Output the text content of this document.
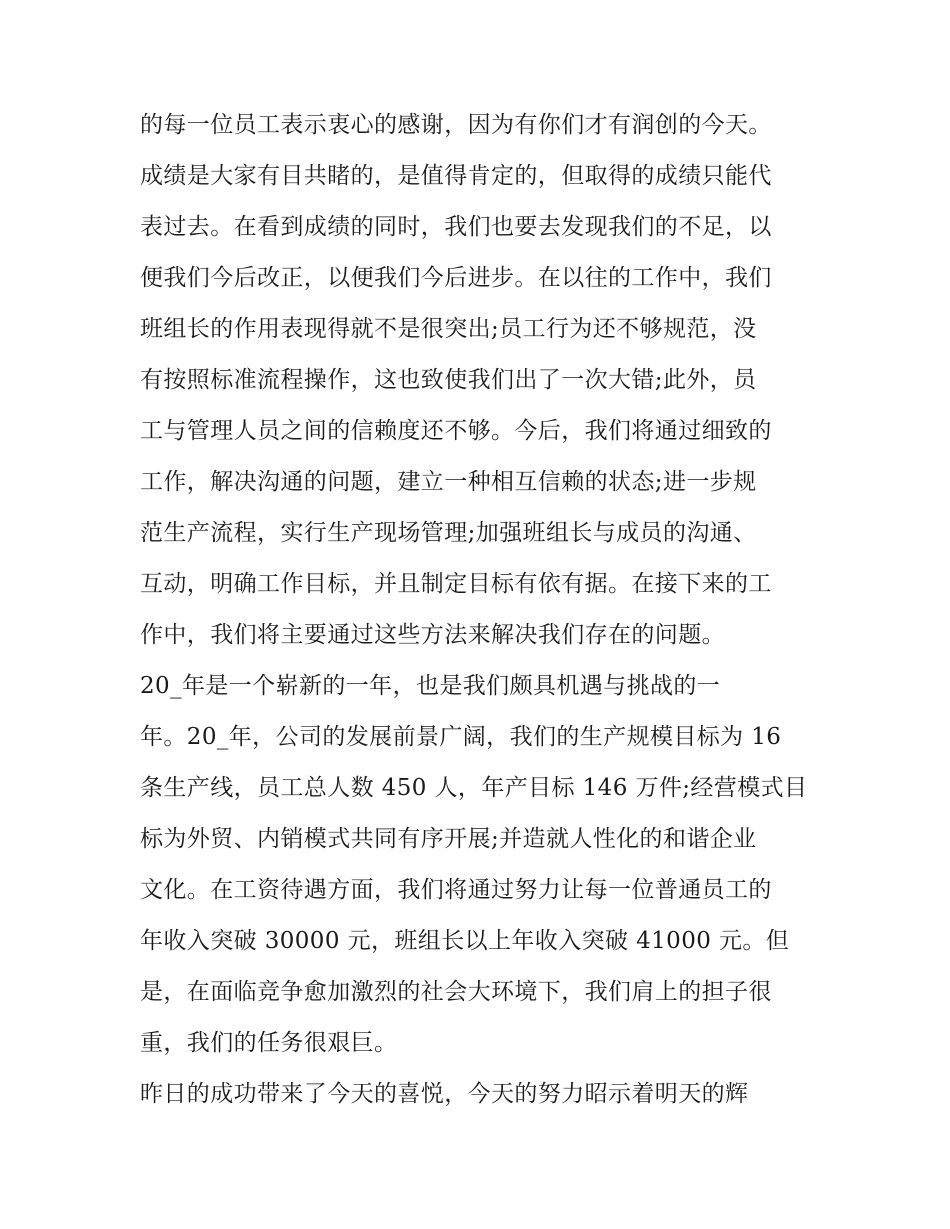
的每一位员工表示衷心的感谢，因为有你们才有润创的今天。
成绩是大家有目共睹的，是值得肯定的，但取得的成绩只能代
表过去。在看到成绩的同时，我们也要去发现我们的不足，以
便我们今后改正，以便我们今后进步。在以往的工作中，我们
班组长的作用表现得就不是很突出;员工行为还不够规范，没
有按照标准流程操作，这也致使我们出了一次大错;此外，员
工与管理人员之间的信赖度还不够。今后，我们将通过细致的
工作，解决沟通的问题，建立一种相互信赖的状态;进一步规
范生产流程，实行生产现场管理;加强班组长与成员的沟通、
互动，明确工作目标，并且制定目标有依有据。在接下来的工
作中，我们将主要通过这些方法来解决我们存在的问题。
20_年是一个崭新的一年，也是我们颇具机遇与挑战的一
年。20_年，公司的发展前景广阔，我们的生产规模目标为 16
条生产线，员工总人数 450 人，年产目标 146 万件;经营模式目
标为外贸、内销模式共同有序开展;并造就人性化的和谐企业
文化。在工资待遇方面，我们将通过努力让每一位普通员工的
年收入突破 30000 元，班组长以上年收入突破 41000 元。但
是，在面临竞争愈加激烈的社会大环境下，我们肩上的担子很
重，我们的任务很艰巨。
昨日的成功带来了今天的喜悦，今天的努力昭示着明天的辉
